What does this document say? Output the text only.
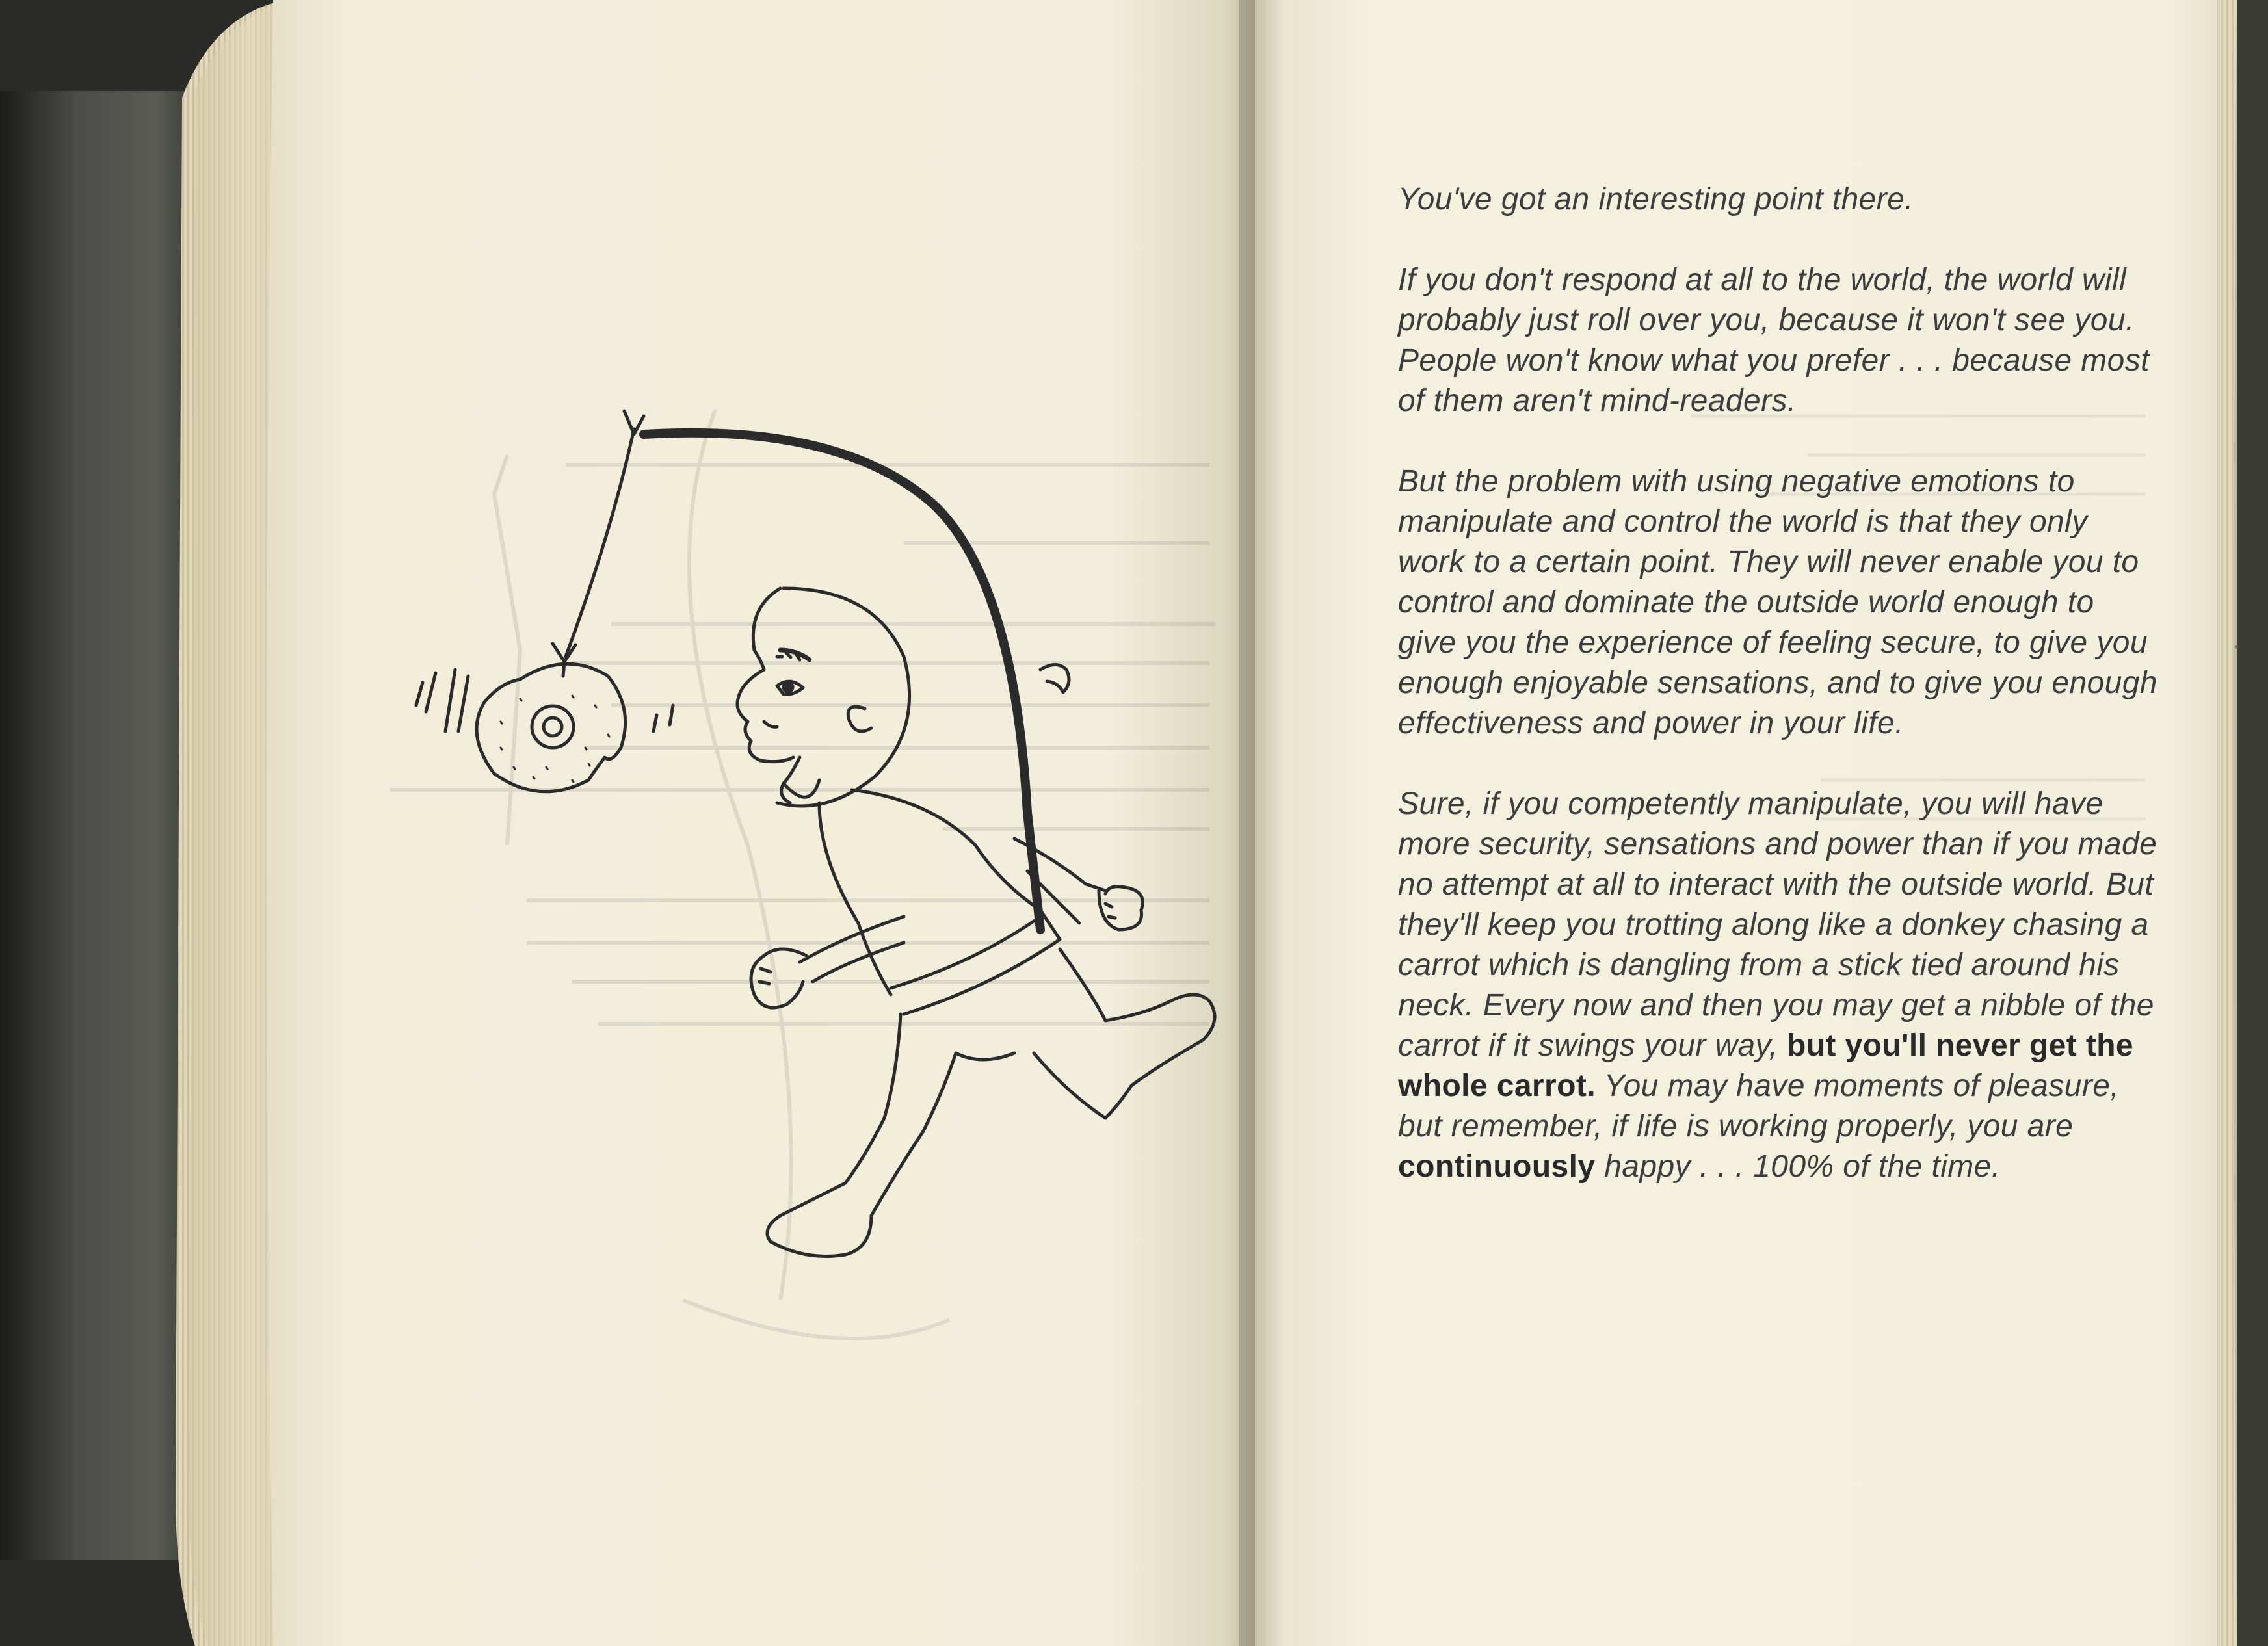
You've got an interesting point there.

If you don't respond at all to the world, the world will probably just roll over you, because it won't see you. People won't know what you prefer . . . because most of them aren't mind-readers.

But the problem with using negative emotions to manipulate and control the world is that they only work to a certain point. They will never enable you to control and dominate the outside world enough to give you the experience of feeling secure, to give you enough enjoyable sensations, and to give you enough effectiveness and power in your life.

Sure, if you competently manipulate, you will have more security, sensations and power than if you made no attempt at all to interact with the outside world. But they'll keep you trotting along like a donkey chasing a carrot which is dangling from a stick tied around his neck. Every now and then you may get a nibble of the carrot if it swings your way, but you'll never get the whole carrot. You may have moments of pleasure, but remember, if life is working properly, you are continuously happy . . . 100% of the time.
